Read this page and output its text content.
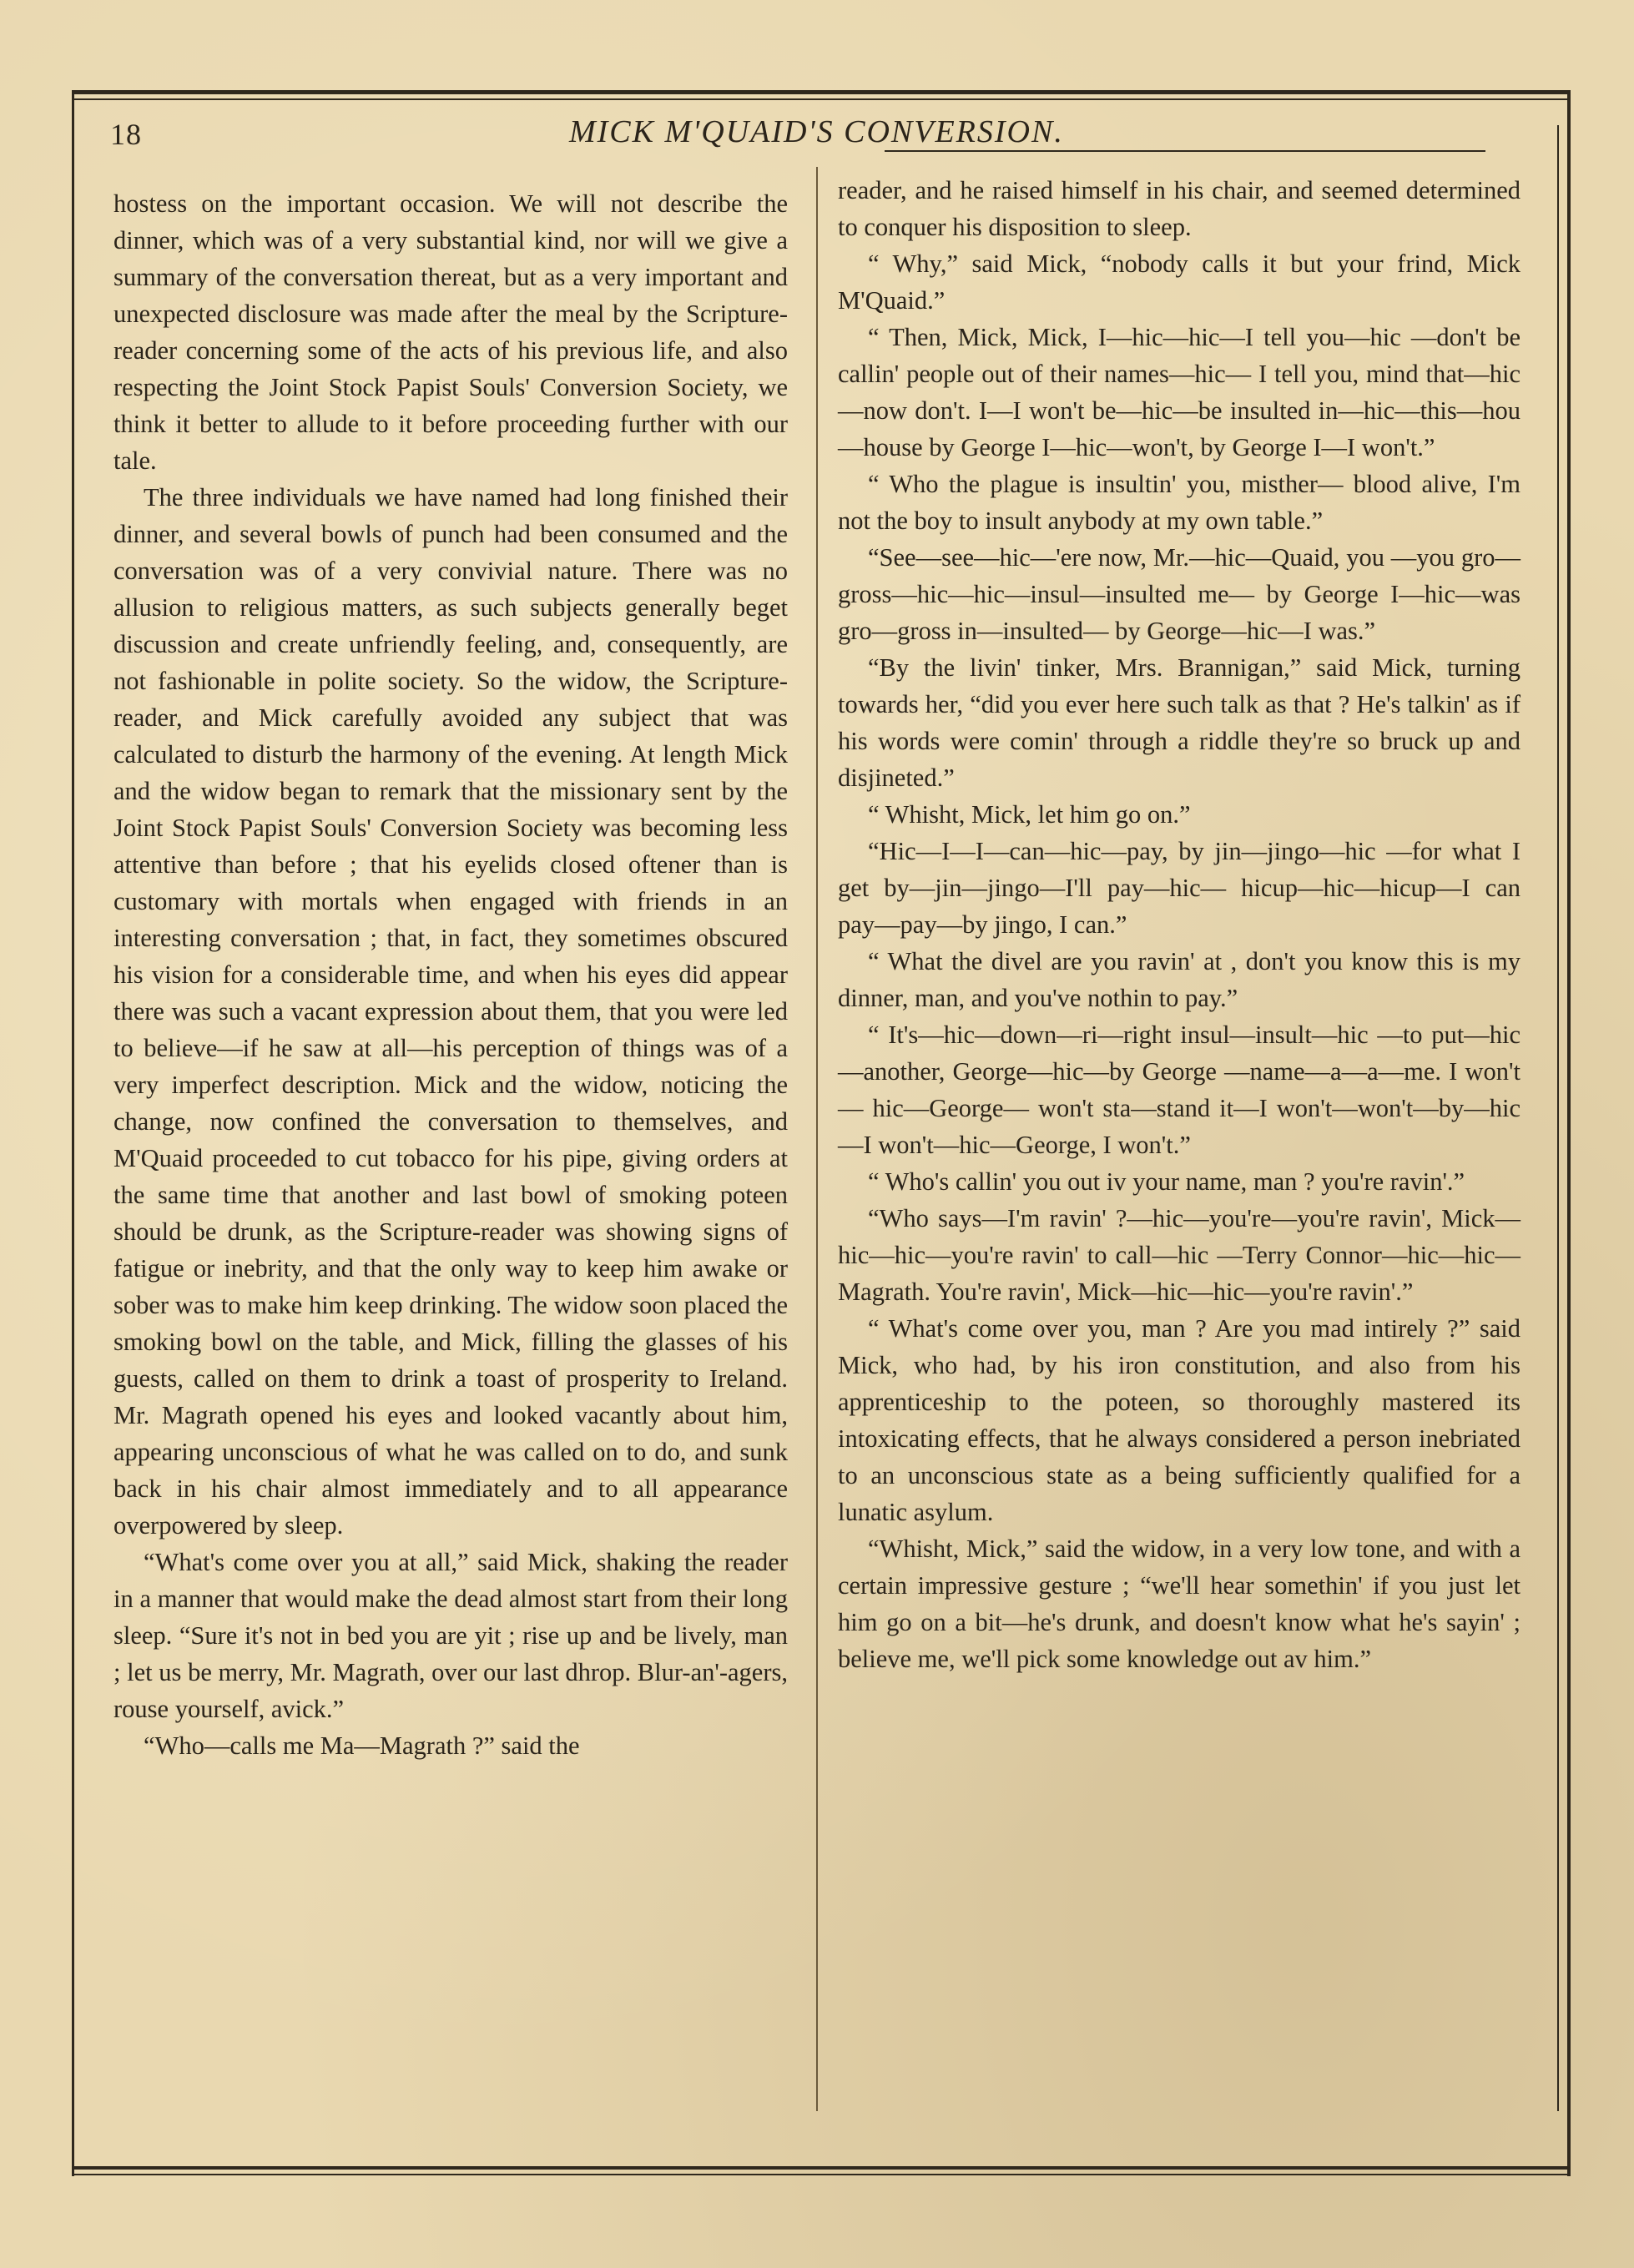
18	MICK M'QUAID'S CONVERSION.

hostess on the important occasion. We will not describe the dinner, which was of a very substantial kind, nor will we give a summary of the conversation thereat, but as a very important and unexpected disclosure was made after the meal by the Scripture-reader concerning some of the acts of his previous life, and also respecting the Joint Stock Papist Souls' Conversion Society, we think it better to allude to it before proceeding further with our tale.

The three individuals we have named had long finished their dinner, and several bowls of punch had been consumed and the conversation was of a very convivial nature. There was no allusion to religious matters, as such subjects generally beget discussion and create unfriendly feeling, and, consequently, are not fashionable in polite society. So the widow, the Scripture-reader, and Mick carefully avoided any subject that was calculated to disturb the harmony of the evening. At length Mick and the widow began to remark that the missionary sent by the Joint Stock Papist Souls' Conversion Society was becoming less attentive than before ; that his eyelids closed oftener than is customary with mortals when engaged with friends in an interesting conversation ; that, in fact, they sometimes obscured his vision for a considerable time, and when his eyes did appear there was such a vacant expression about them, that you were led to believe—if he saw at all—his perception of things was of a very imperfect description. Mick and the widow, noticing the change, now confined the conversation to themselves, and M'Quaid proceeded to cut tobacco for his pipe, giving orders at the same time that another and last bowl of smoking poteen should be drunk, as the Scripture-reader was showing signs of fatigue or inebrity, and that the only way to keep him awake or sober was to make him keep drinking. The widow soon placed the smoking bowl on the table, and Mick, filling the glasses of his guests, called on them to drink a toast of prosperity to Ireland. Mr. Magrath opened his eyes and looked vacantly about him, appearing unconscious of what he was called on to do, and sunk back in his chair almost immediately and to all appearance overpowered by sleep.

“What's come over you at all,” said Mick, shaking the reader in a manner that would make the dead almost start from their long sleep. “Sure it's not in bed you are yit ; rise up and be lively, man ; let us be merry, Mr. Magrath, over our last dhrop. Blur-an'-agers, rouse yourself, avick.”

“Who—calls me Ma—Magrath ?” said the

reader, and he raised himself in his chair, and seemed determined to conquer his disposition to sleep.

“ Why,” said Mick, “nobody calls it but your frind, Mick M'Quaid.”

“ Then, Mick, Mick, I—hic—hic—I tell you—hic —don't be callin' people out of their names—hic— I tell you, mind that—hic—now don't. I—I won't be—hic—be insulted in—hic—this—hou—house by George I—hic—won't, by George I—I won't.”

“ Who the plague is insultin' you, misther— blood alive, I'm not the boy to insult anybody at my own table.”

“See—see—hic—'ere now, Mr.—hic—Quaid, you —you gro—gross—hic—hic—insul—insulted me— by George I—hic—was gro—gross in—insulted— by George—hic—I was.”

“By the livin' tinker, Mrs. Brannigan,” said Mick, turning towards her, “did you ever here such talk as that ? He's talkin' as if his words were comin' through a riddle they're so bruck up and disjineted.”

“ Whisht, Mick, let him go on.”

“Hic—I—I—can—hic—pay, by jin—jingo—hic —for what I get by—jin—jingo—I'll pay—hic— hicup—hic—hicup—I can pay—pay—by jingo, I can.”

“ What the divel are you ravin' at , don't you know this is my dinner, man, and you've nothin to pay.”

“ It's—hic—down—ri—right insul—insult—hic —to put—hic—another, George—hic—by George —name—a—a—me. I won't — hic—George— won't sta—stand it—I won't—won't—by—hic—I won't—hic—George, I won't.”

“ Who's callin' you out iv your name, man ? you're ravin'.”

“Who says—I'm ravin' ?—hic—you're—you're ravin', Mick—hic—hic—you're ravin' to call—hic —Terry Connor—hic—hic—Magrath. You're ravin', Mick—hic—hic—you're ravin'.”

“ What's come over you, man ? Are you mad intirely ?” said Mick, who had, by his iron constitution, and also from his apprenticeship to the poteen, so thoroughly mastered its intoxicating effects, that he always considered a person inebriated to an unconscious state as a being sufficiently qualified for a lunatic asylum.

“Whisht, Mick,” said the widow, in a very low tone, and with a certain impressive gesture ; “we'll hear somethin' if you just let him go on a bit—he's drunk, and doesn't know what he's sayin' ; believe me, we'll pick some knowledge out av him.”
